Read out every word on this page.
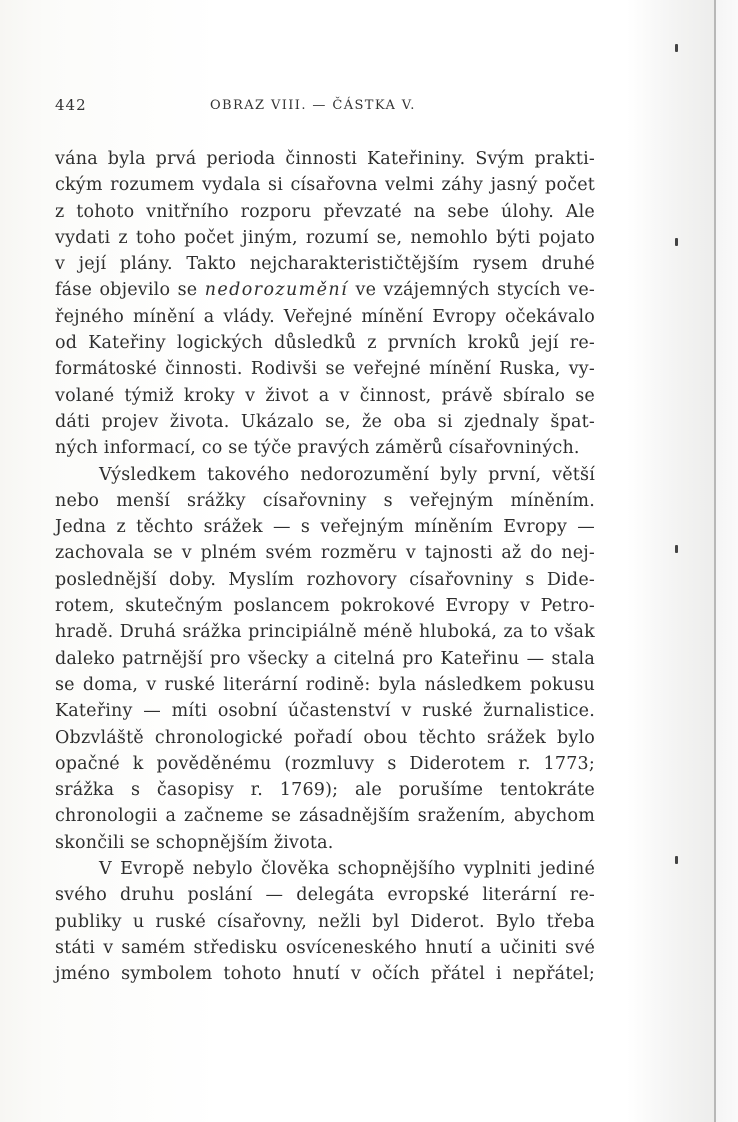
442	OBRAZ VIII. — ČÁSTKA V.
vána byla prvá perioda činnosti Kateřininy. Svým prakti-
ckým rozumem vydala si císařovna velmi záhy jasný počet
z tohoto vnitřního rozporu převzaté na sebe úlohy. Ale
vydati z toho počet jiným, rozumí se, nemohlo býti pojato
v její plány. Takto nejcharakterističtějším rysem druhé
fáse objevilo se nedorozumění ve vzájemných stycích ve-
řejného mínění a vlády. Veřejné mínění Evropy očekávalo
od Kateřiny logických důsledků z prvních kroků její re-
formátoské činnosti. Rodivši se veřejné mínění Ruska, vy-
volané týmiž kroky v život a v činnost, právě sbíralo se
dáti projev života. Ukázalo se, že oba si zjednaly špat-
ných informací, co se týče pravých záměrů císařovniných.
Výsledkem takového nedorozumění byly první, větší
nebo menší srážky císařovniny s veřejným míněním.
Jedna z těchto srážek — s veřejným míněním Evropy —
zachovala se v plném svém rozměru v tajnosti až do nej-
poslednější doby. Myslím rozhovory císařovniny s Dide-
rotem, skutečným poslancem pokrokové Evropy v Petro-
hradě. Druhá srážka principiálně méně hluboká, za to však
daleko patrnější pro všecky a citelná pro Kateřinu — stala
se doma, v ruské literární rodině: byla následkem pokusu
Kateřiny — míti osobní účastenství v ruské žurnalistice.
Obzvláště chronologické pořadí obou těchto srážek bylo
opačné k pověděnému (rozmluvy s Diderotem r. 1773;
srážka s časopisy r. 1769); ale porušíme tentokráte
chronologii a začneme se zásadnějším sražením, abychom
skončili se schopnějším života.
V Evropě nebylo člověka schopnějšího vyplniti jediné
svého druhu poslání — delegáta evropské literární re-
publiky u ruské císařovny, nežli byl Diderot. Bylo třeba
státi v samém středisku osvíceneského hnutí a učiniti své
jméno symbolem tohoto hnutí v očích přátel i nepřátel;
